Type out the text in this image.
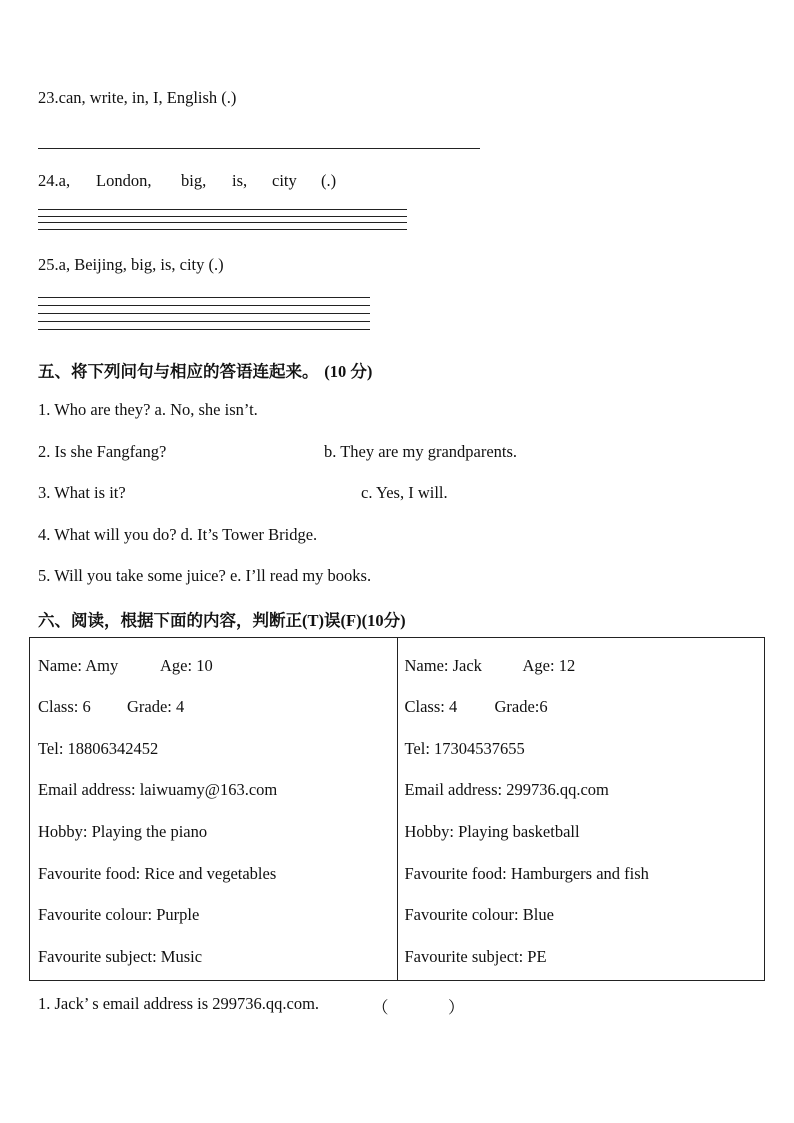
23.can, write, in, I, English (.)
24.a, London, big, is, city (.)
25.a, Beijing, big, is, city (.)
五、将下列问句与相应的答语连起来。 (10 分)
1. Who are they? a. No, she isn’t.
2. Is she Fangfang?	b. They are my grandparents.
3. What is it?	c. Yes, I will.
4. What will you do? d. It’s Tower Bridge.
5. Will you take some juice? e. I’ll read my books.
六、阅读，根据下面的内容，判断正(T)误(F)(10分)
Name: Amy	Age: 10
Class: 6 Grade: 4
Tel: 18806342452
Email address: laiwuamy@163.com
Hobby: Playing the piano
Favourite food: Rice and vegetables
Favourite colour: Purple
Favourite subject: Music

Name: Jack Age: 12
Class: 4 Grade:6
Tel: 17304537655
Email address: 299736.qq.com
Hobby: Playing basketball
Favourite food: Hamburgers and fish
Favourite colour: Blue
Favourite subject: PE
1. Jack’ s email address is 299736.qq.com.	（	）
